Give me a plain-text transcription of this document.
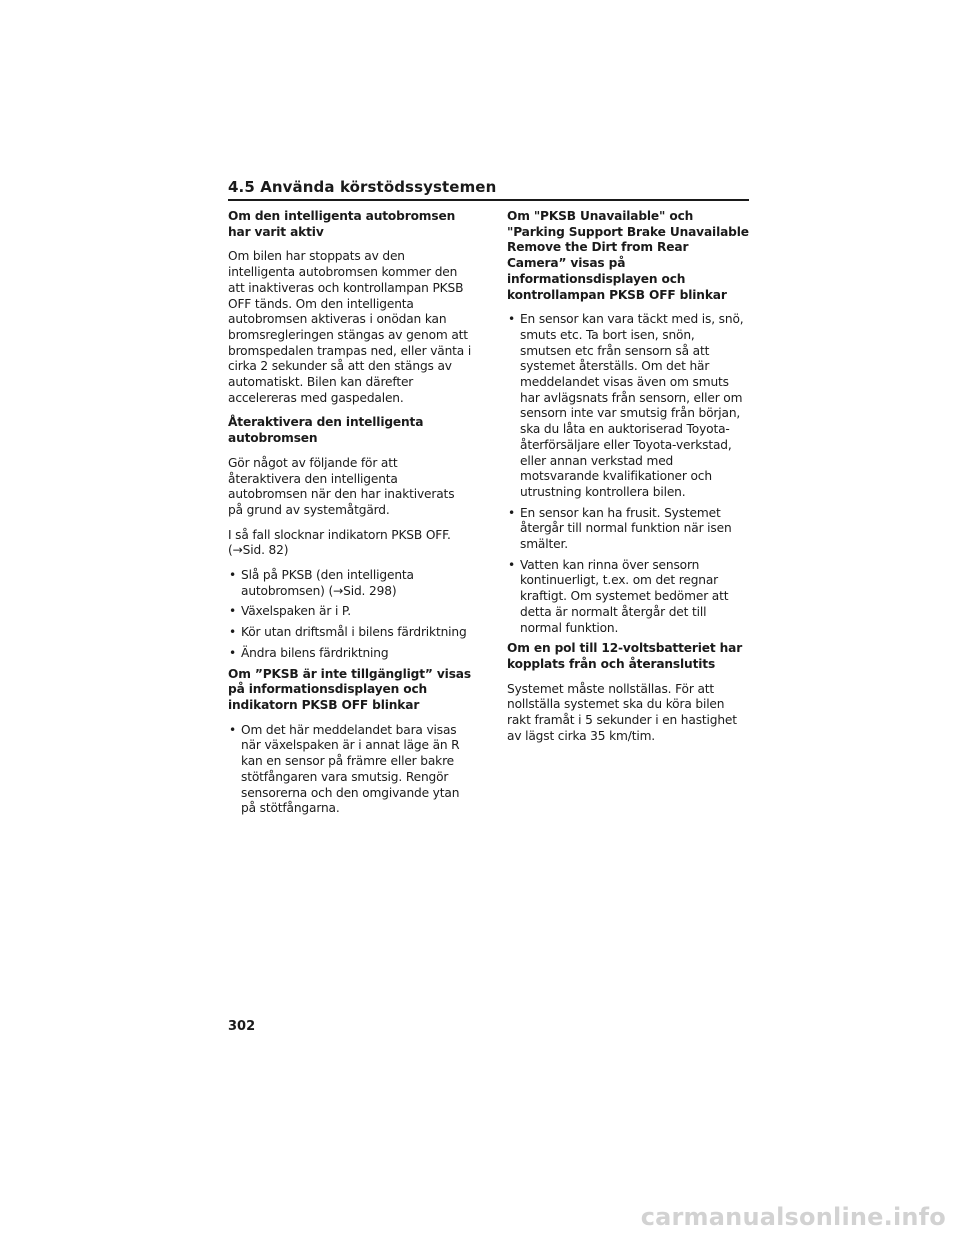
4.5 Använda körstödssystemen
Om den intelligenta autobromsen har varit aktiv
Om bilen har stoppats av den intelligenta autobromsen kommer den att inaktiveras och kontrollampan PKSB OFF tänds. Om den intelligenta autobromsen aktiveras i onödan kan bromsregleringen stängas av genom att bromspedalen trampas ned, eller vänta i cirka 2 sekunder så att den stängs av automatiskt. Bilen kan därefter accelereras med gaspedalen.
Återaktivera den intelligenta autobromsen
Gör något av följande för att återaktivera den intelligenta autobromsen när den har inaktiverats på grund av systemåtgärd.
I så fall slocknar indikatorn PKSB OFF. (→Sid. 82)
• Slå på PKSB (den intelligenta autobromsen) (→Sid. 298)
• Växelspaken är i P.
• Kör utan driftsmål i bilens färdriktning
• Ändra bilens färdriktning
Om ”PKSB är inte tillgängligt” visas på informationsdisplayen och indikatorn PKSB OFF blinkar
• Om det här meddelandet bara visas när växelspaken är i annat läge än R kan en sensor på främre eller bakre stötfångaren vara smutsig. Rengör sensorerna och den omgivande ytan på stötfångarna.
Om "PKSB Unavailable" och "Parking Support Brake Unavailable Remove the Dirt from Rear Camera” visas på informationsdisplayen och kontrollampan PKSB OFF blinkar
• En sensor kan vara täckt med is, snö, smuts etc. Ta bort isen, snön, smutsen etc från sensorn så att systemet återställs. Om det här meddelandet visas även om smuts har avlägsnats från sensorn, eller om sensorn inte var smutsig från början, ska du låta en auktoriserad Toyota-återförsäljare eller Toyota-verkstad, eller annan verkstad med motsvarande kvalifikationer och utrustning kontrollera bilen.
• En sensor kan ha frusit. Systemet återgår till normal funktion när isen smälter.
• Vatten kan rinna över sensorn kontinuerligt, t.ex. om det regnar kraftigt. Om systemet bedömer att detta är normalt återgår det till normal funktion.
Om en pol till 12-voltsbatteriet har kopplats från och återanslutits
Systemet måste nollställas. För att nollställa systemet ska du köra bilen rakt framåt i 5 sekunder i en hastighet av lägst cirka 35 km/tim.
302
carmanualsonline.info
